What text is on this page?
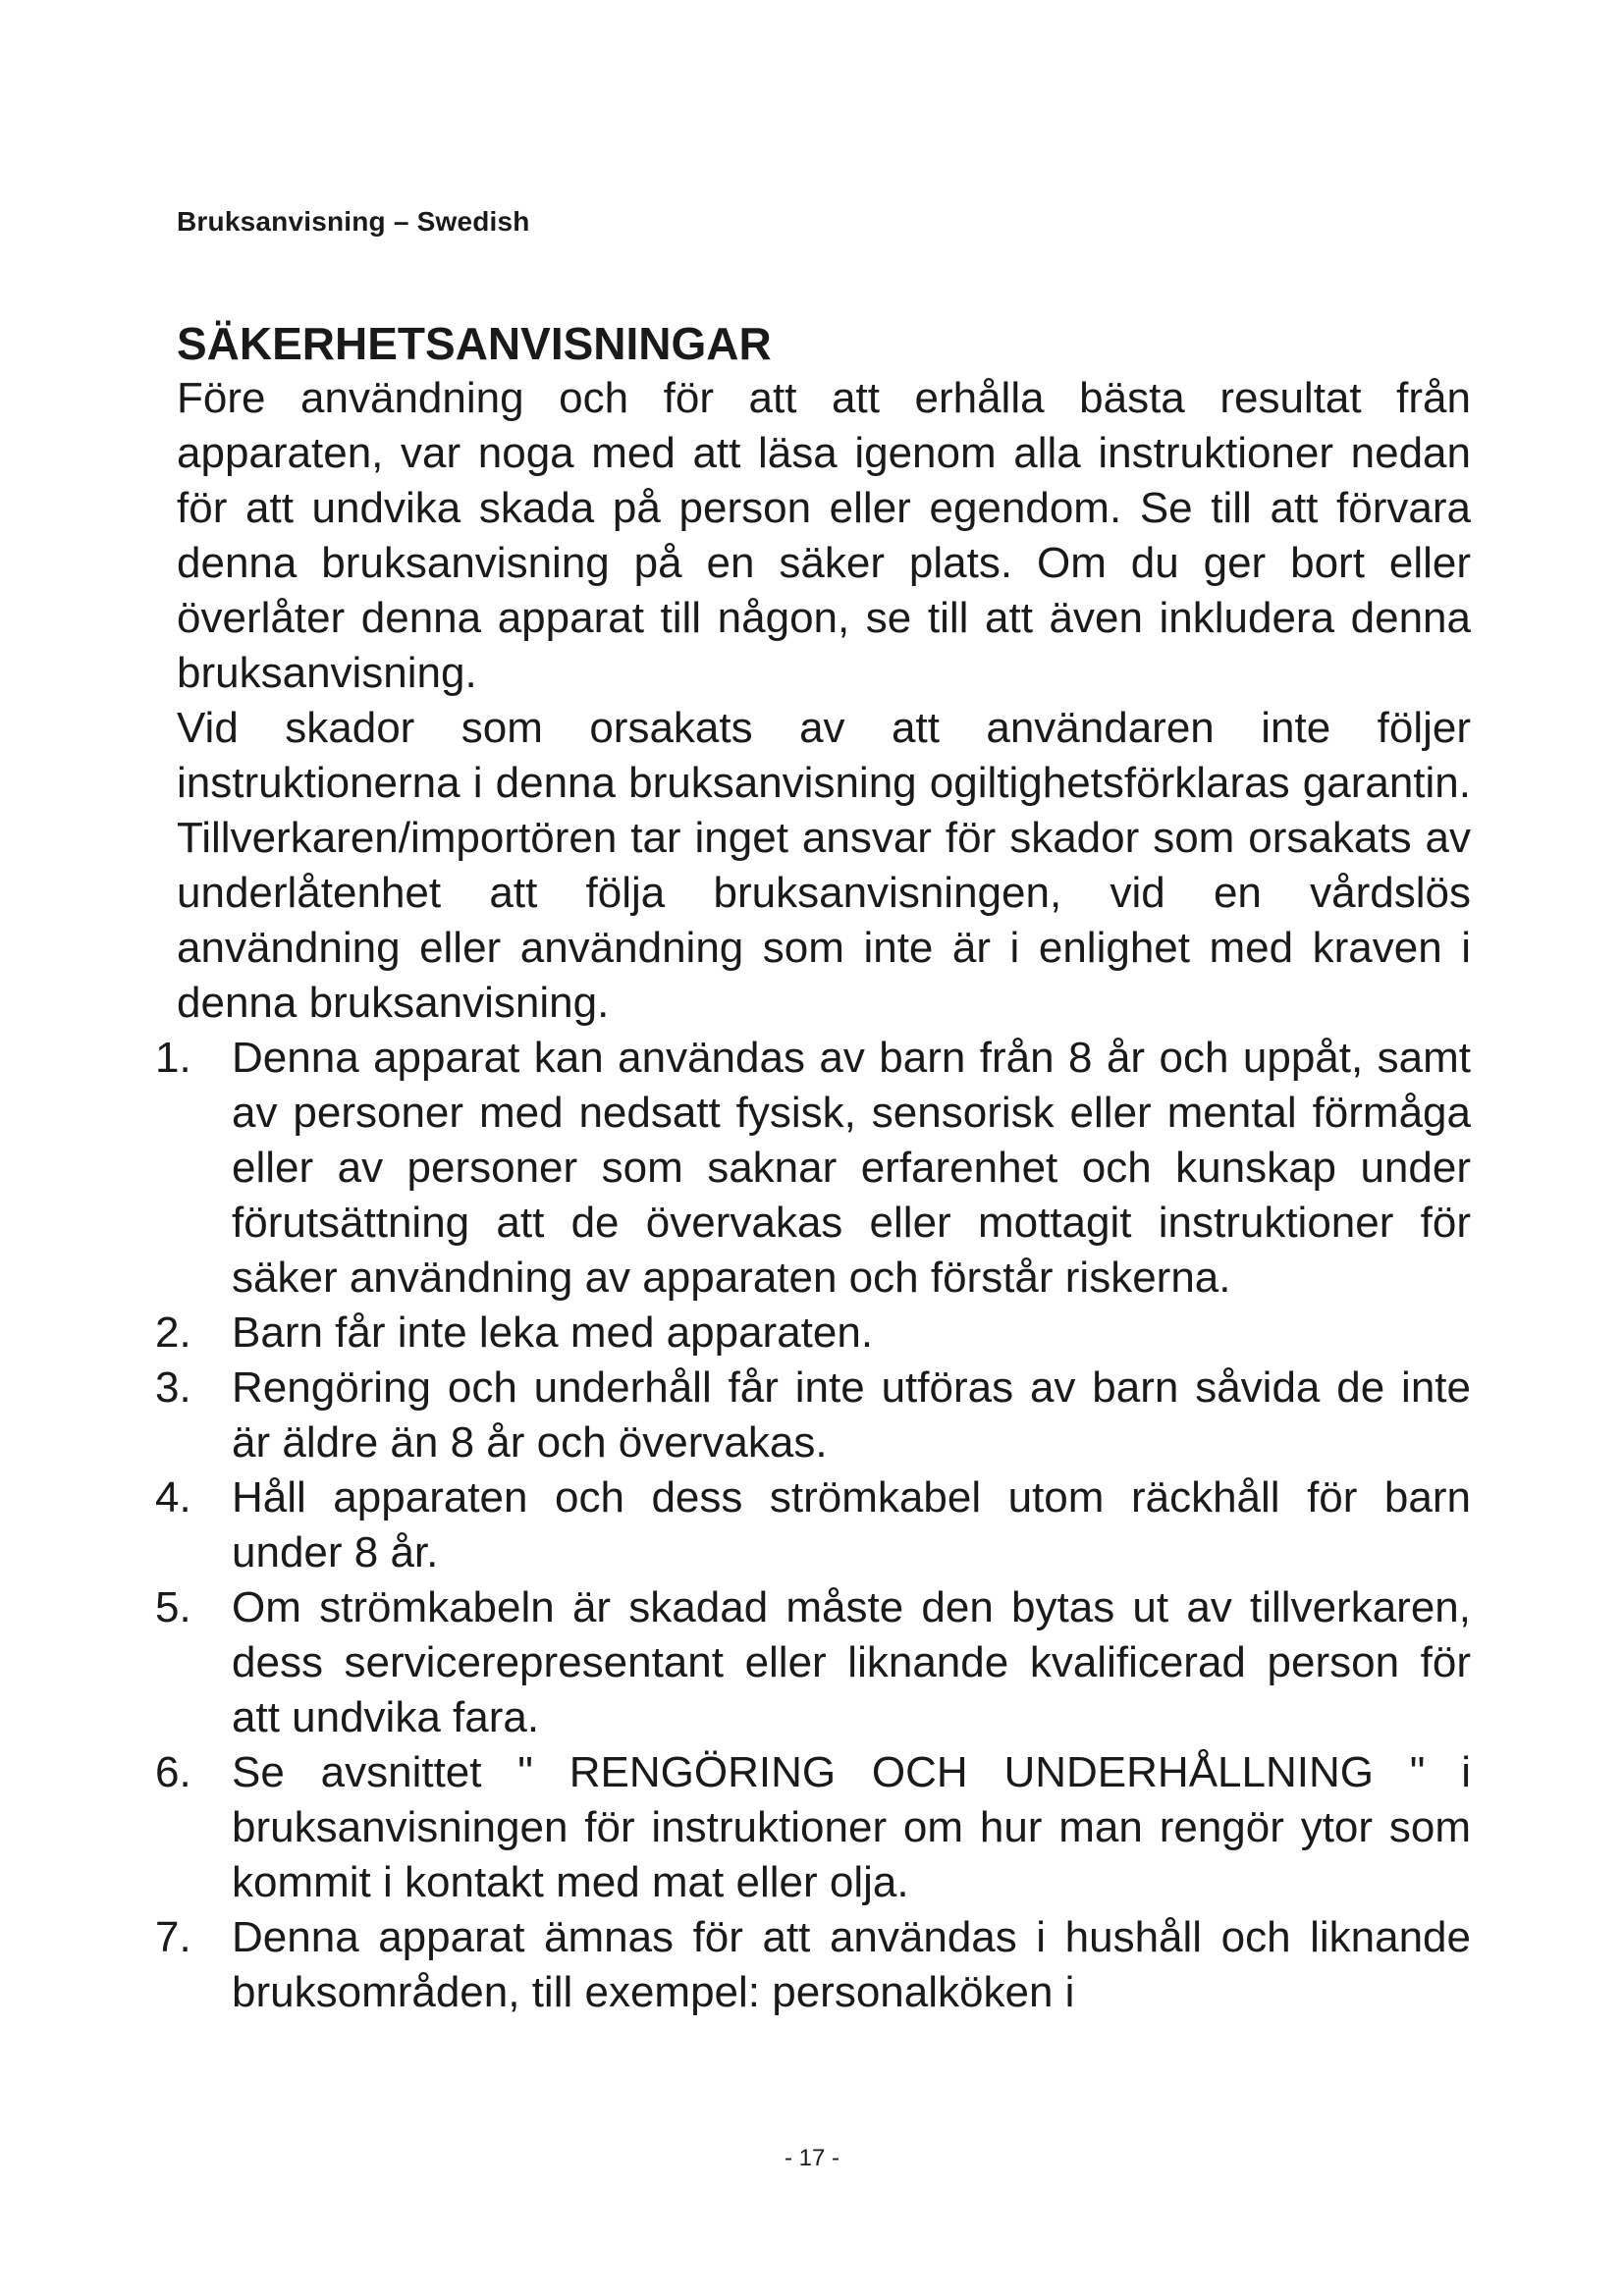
Bruksanvisning – Swedish
SÄKERHETSANVISNINGAR

Före användning och för att att erhålla bästa resultat från apparaten, var noga med att läsa igenom alla instruktioner nedan för att undvika skada på person eller egendom. Se till att förvara denna bruksanvisning på en säker plats. Om du ger bort eller överlåter denna apparat till någon, se till att även inkludera denna bruksanvisning.

Vid skador som orsakats av att användaren inte följer instruktionerna i denna bruksanvisning ogiltighetsförklaras garantin. Tillverkaren/importören tar inget ansvar för skador som orsakats av underlåtenhet att följa bruksanvisningen, vid en vårdslös användning eller användning som inte är i enlighet med kraven i denna bruksanvisning.

1. Denna apparat kan användas av barn från 8 år och uppåt, samt av personer med nedsatt fysisk, sensorisk eller mental förmåga eller av personer som saknar erfarenhet och kunskap under förutsättning att de övervakas eller mottagit instruktioner för säker användning av apparaten och förstår riskerna.
2. Barn får inte leka med apparaten.
3. Rengöring och underhåll får inte utföras av barn såvida de inte är äldre än 8 år och övervakas.
4. Håll apparaten och dess strömkabel utom räckhåll för barn under 8 år.
5. Om strömkabeln är skadad måste den bytas ut av tillverkaren, dess servicerepresentant eller liknande kvalificerad person för att undvika fara.
6. Se avsnittet " RENGÖRING OCH UNDERHÅLLNING " i bruksanvisningen för instruktioner om hur man rengör ytor som kommit i kontakt med mat eller olja.
7. Denna apparat ämnas för att användas i hushåll och liknande bruksområden, till exempel: personalköken i
- 17 -
